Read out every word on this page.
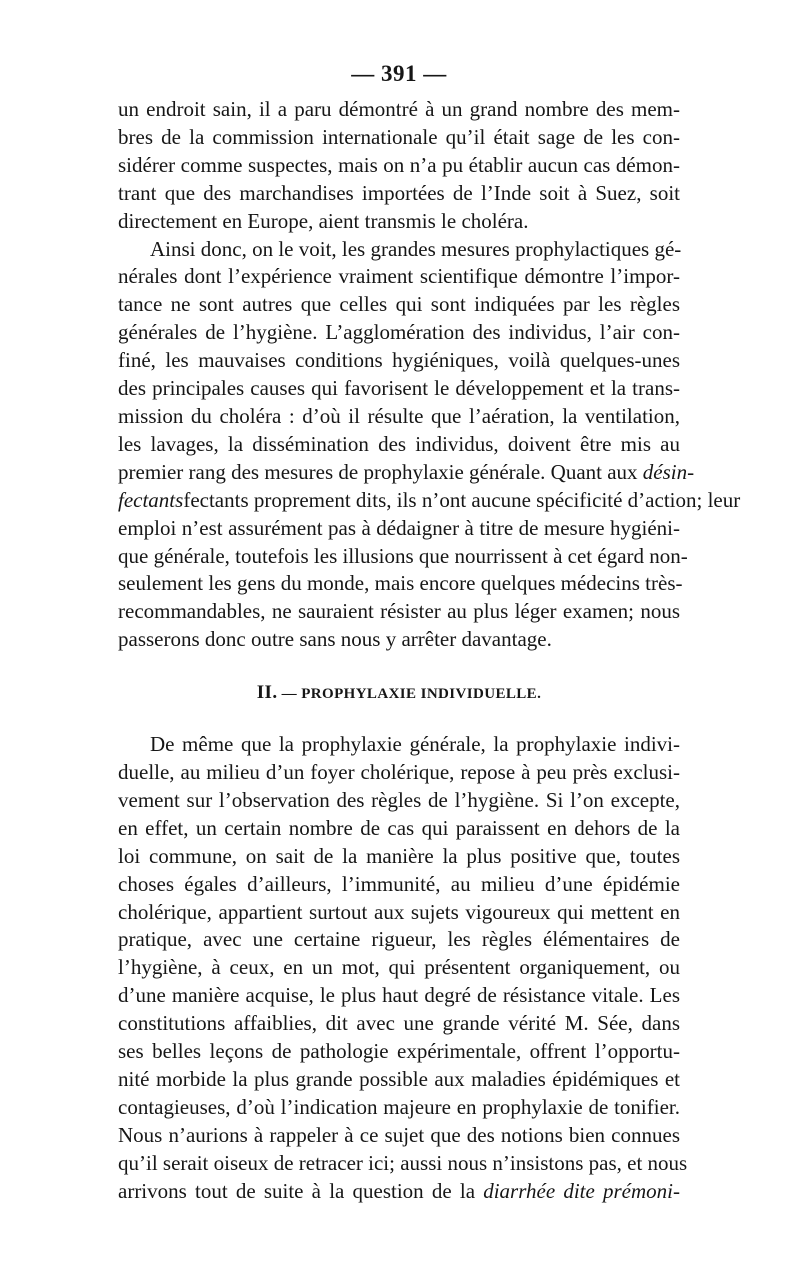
— 391 —

un endroit sain, il a paru démontré à un grand nombre des mem-
bres de la commission internationale qu’il était sage de les con-
sidérer comme suspectes, mais on n’a pu établir aucun cas démon-
trant que des marchandises importées de l’Inde soit à Suez, soit
directement en Europe, aient transmis le choléra.

Ainsi donc, on le voit, les grandes mesures prophylactiques gé-
nérales dont l’expérience vraiment scientifique démontre l’impor-
tance ne sont autres que celles qui sont indiquées par les règles
générales de l’hygiène. L’agglomération des individus, l’air con-
finé, les mauvaises conditions hygiéniques, voilà quelques-unes
des principales causes qui favorisent le développement et la trans-
mission du choléra : d’où il résulte que l’aération, la ventilation,
les lavages, la dissémination des individus, doivent être mis au
premier rang des mesures de prophylaxie générale. Quant aux désin-
fectantsfectants proprement dits, ils n’ont aucune spécificité d’action; leur
emploi n’est assurément pas à dédaigner à titre de mesure hygiéni-
que générale, toutefois les illusions que nourrissent à cet égard non-
seulement les gens du monde, mais encore quelques médecins très-
recommandables, ne sauraient résister au plus léger examen; nous
passerons donc outre sans nous y arrêter davantage.

II. — PROPHYLAXIE INDIVIDUELLE.

De même que la prophylaxie générale, la prophylaxie indivi-
duelle, au milieu d’un foyer cholérique, repose à peu près exclusi-
vement sur l’observation des règles de l’hygiène. Si l’on excepte,
en effet, un certain nombre de cas qui paraissent en dehors de la
loi commune, on sait de la manière la plus positive que, toutes
choses égales d’ailleurs, l’immunité, au milieu d’une épidémie
cholérique, appartient surtout aux sujets vigoureux qui mettent en
pratique, avec une certaine rigueur, les règles élémentaires de
l’hygiène, à ceux, en un mot, qui présentent organiquement, ou
d’une manière acquise, le plus haut degré de résistance vitale. Les
constitutions affaiblies, dit avec une grande vérité M. Sée, dans
ses belles leçons de pathologie expérimentale, offrent l’opportu-
nité morbide la plus grande possible aux maladies épidémiques et
contagieuses, d’où l’indication majeure en prophylaxie de tonifier.
Nous n’aurions à rappeler à ce sujet que des notions bien connues
qu’il serait oiseux de retracer ici; aussi nous n’insistons pas, et nous
arrivons tout de suite à la question de la diarrhée dite prémoni-
